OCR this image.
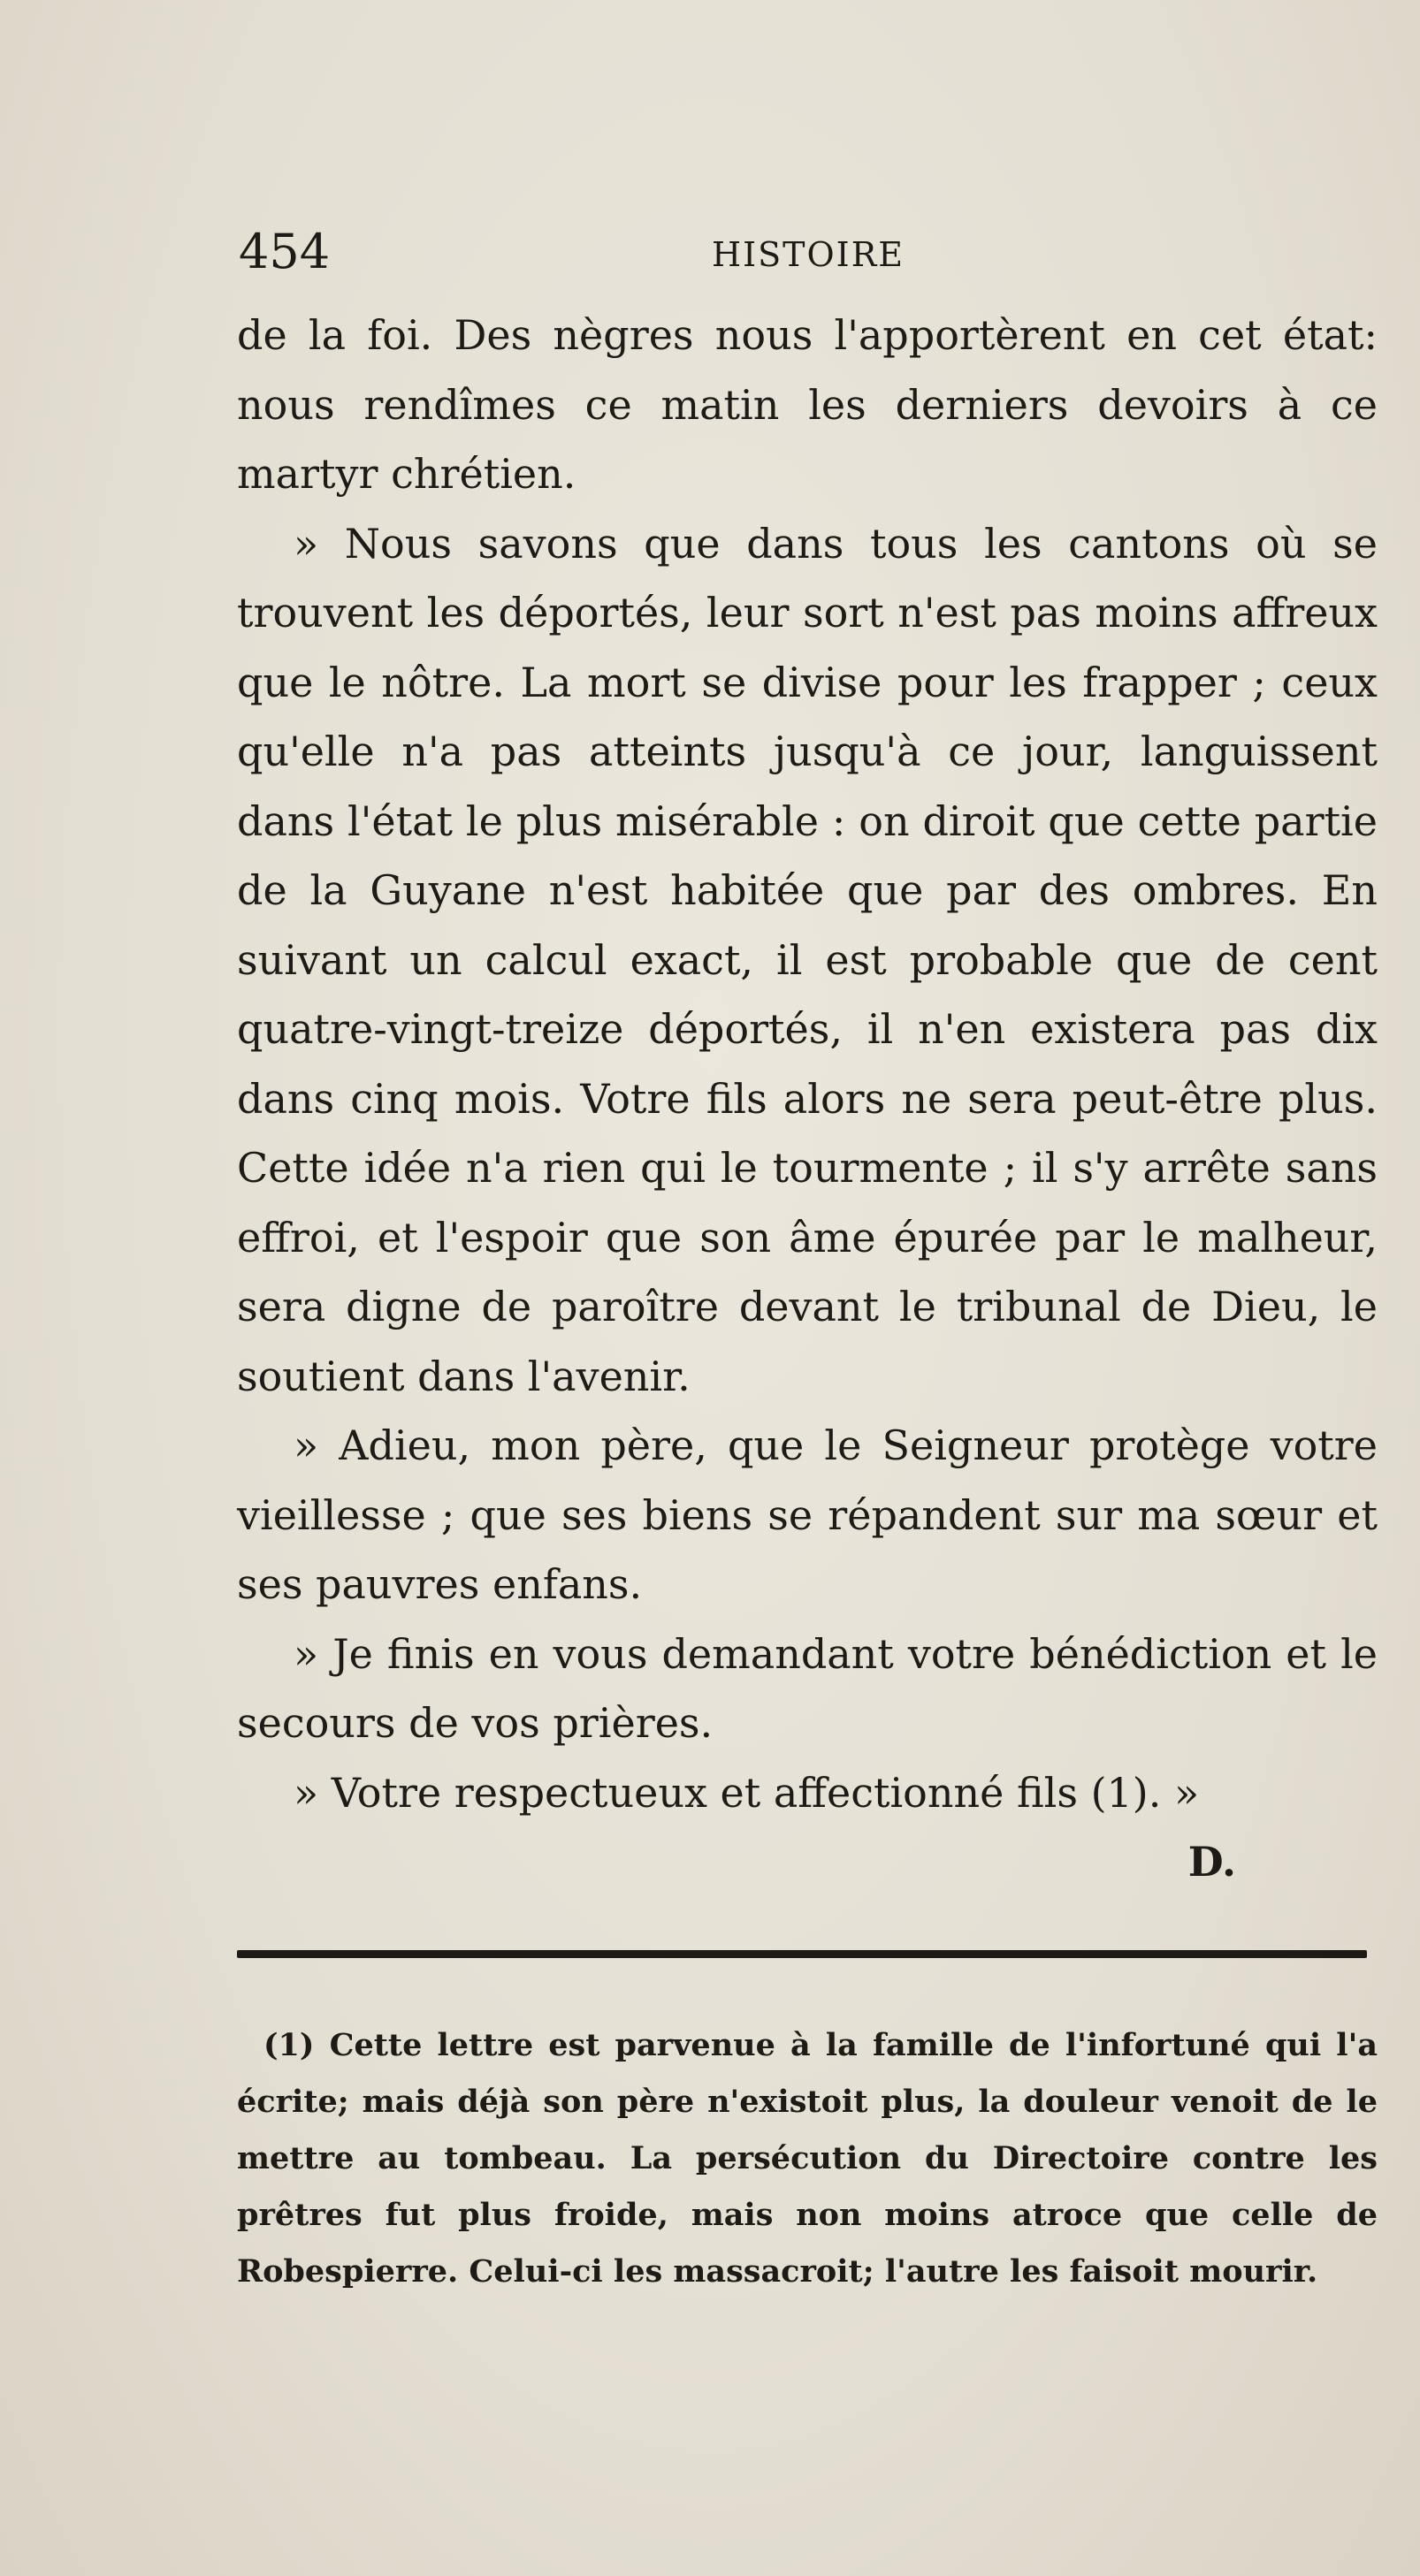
454	HISTOIRE

de la foi. Des nègres nous l'apportèrent en cet état: nous rendîmes ce matin les derniers devoirs à ce martyr chrétien.

» Nous savons que dans tous les cantons où se trouvent les déportés, leur sort n'est pas moins affreux que le nôtre. La mort se divise pour les frapper ; ceux qu'elle n'a pas atteints jusqu'à ce jour, languissent dans l'état le plus misérable : on diroit que cette partie de la Guyane n'est habitée que par des ombres. En suivant un calcul exact, il est probable que de cent quatre-vingt-treize déportés, il n'en existera pas dix dans cinq mois. Votre fils alors ne sera peut-être plus. Cette idée n'a rien qui le tourmente ; il s'y arrête sans effroi, et l'espoir que son âme épurée par le malheur, sera digne de paroître devant le tribunal de Dieu, le soutient dans l'avenir.

» Adieu, mon père, que le Seigneur protège votre vieillesse ; que ses biens se répandent sur ma sœur et ses pauvres enfans.

» Je finis en vous demandant votre bénédiction et le secours de vos prières.

» Votre respectueux et affectionné fils (1). »

D.

(1) Cette lettre est parvenue à la famille de l'infortuné qui l'a écrite; mais déjà son père n'existoit plus, la douleur venoit de le mettre au tombeau. La persécution du Directoire contre les prêtres fut plus froide, mais non moins atroce que celle de Robespierre. Celui-ci les massacroit; l'autre les faisoit mourir.
